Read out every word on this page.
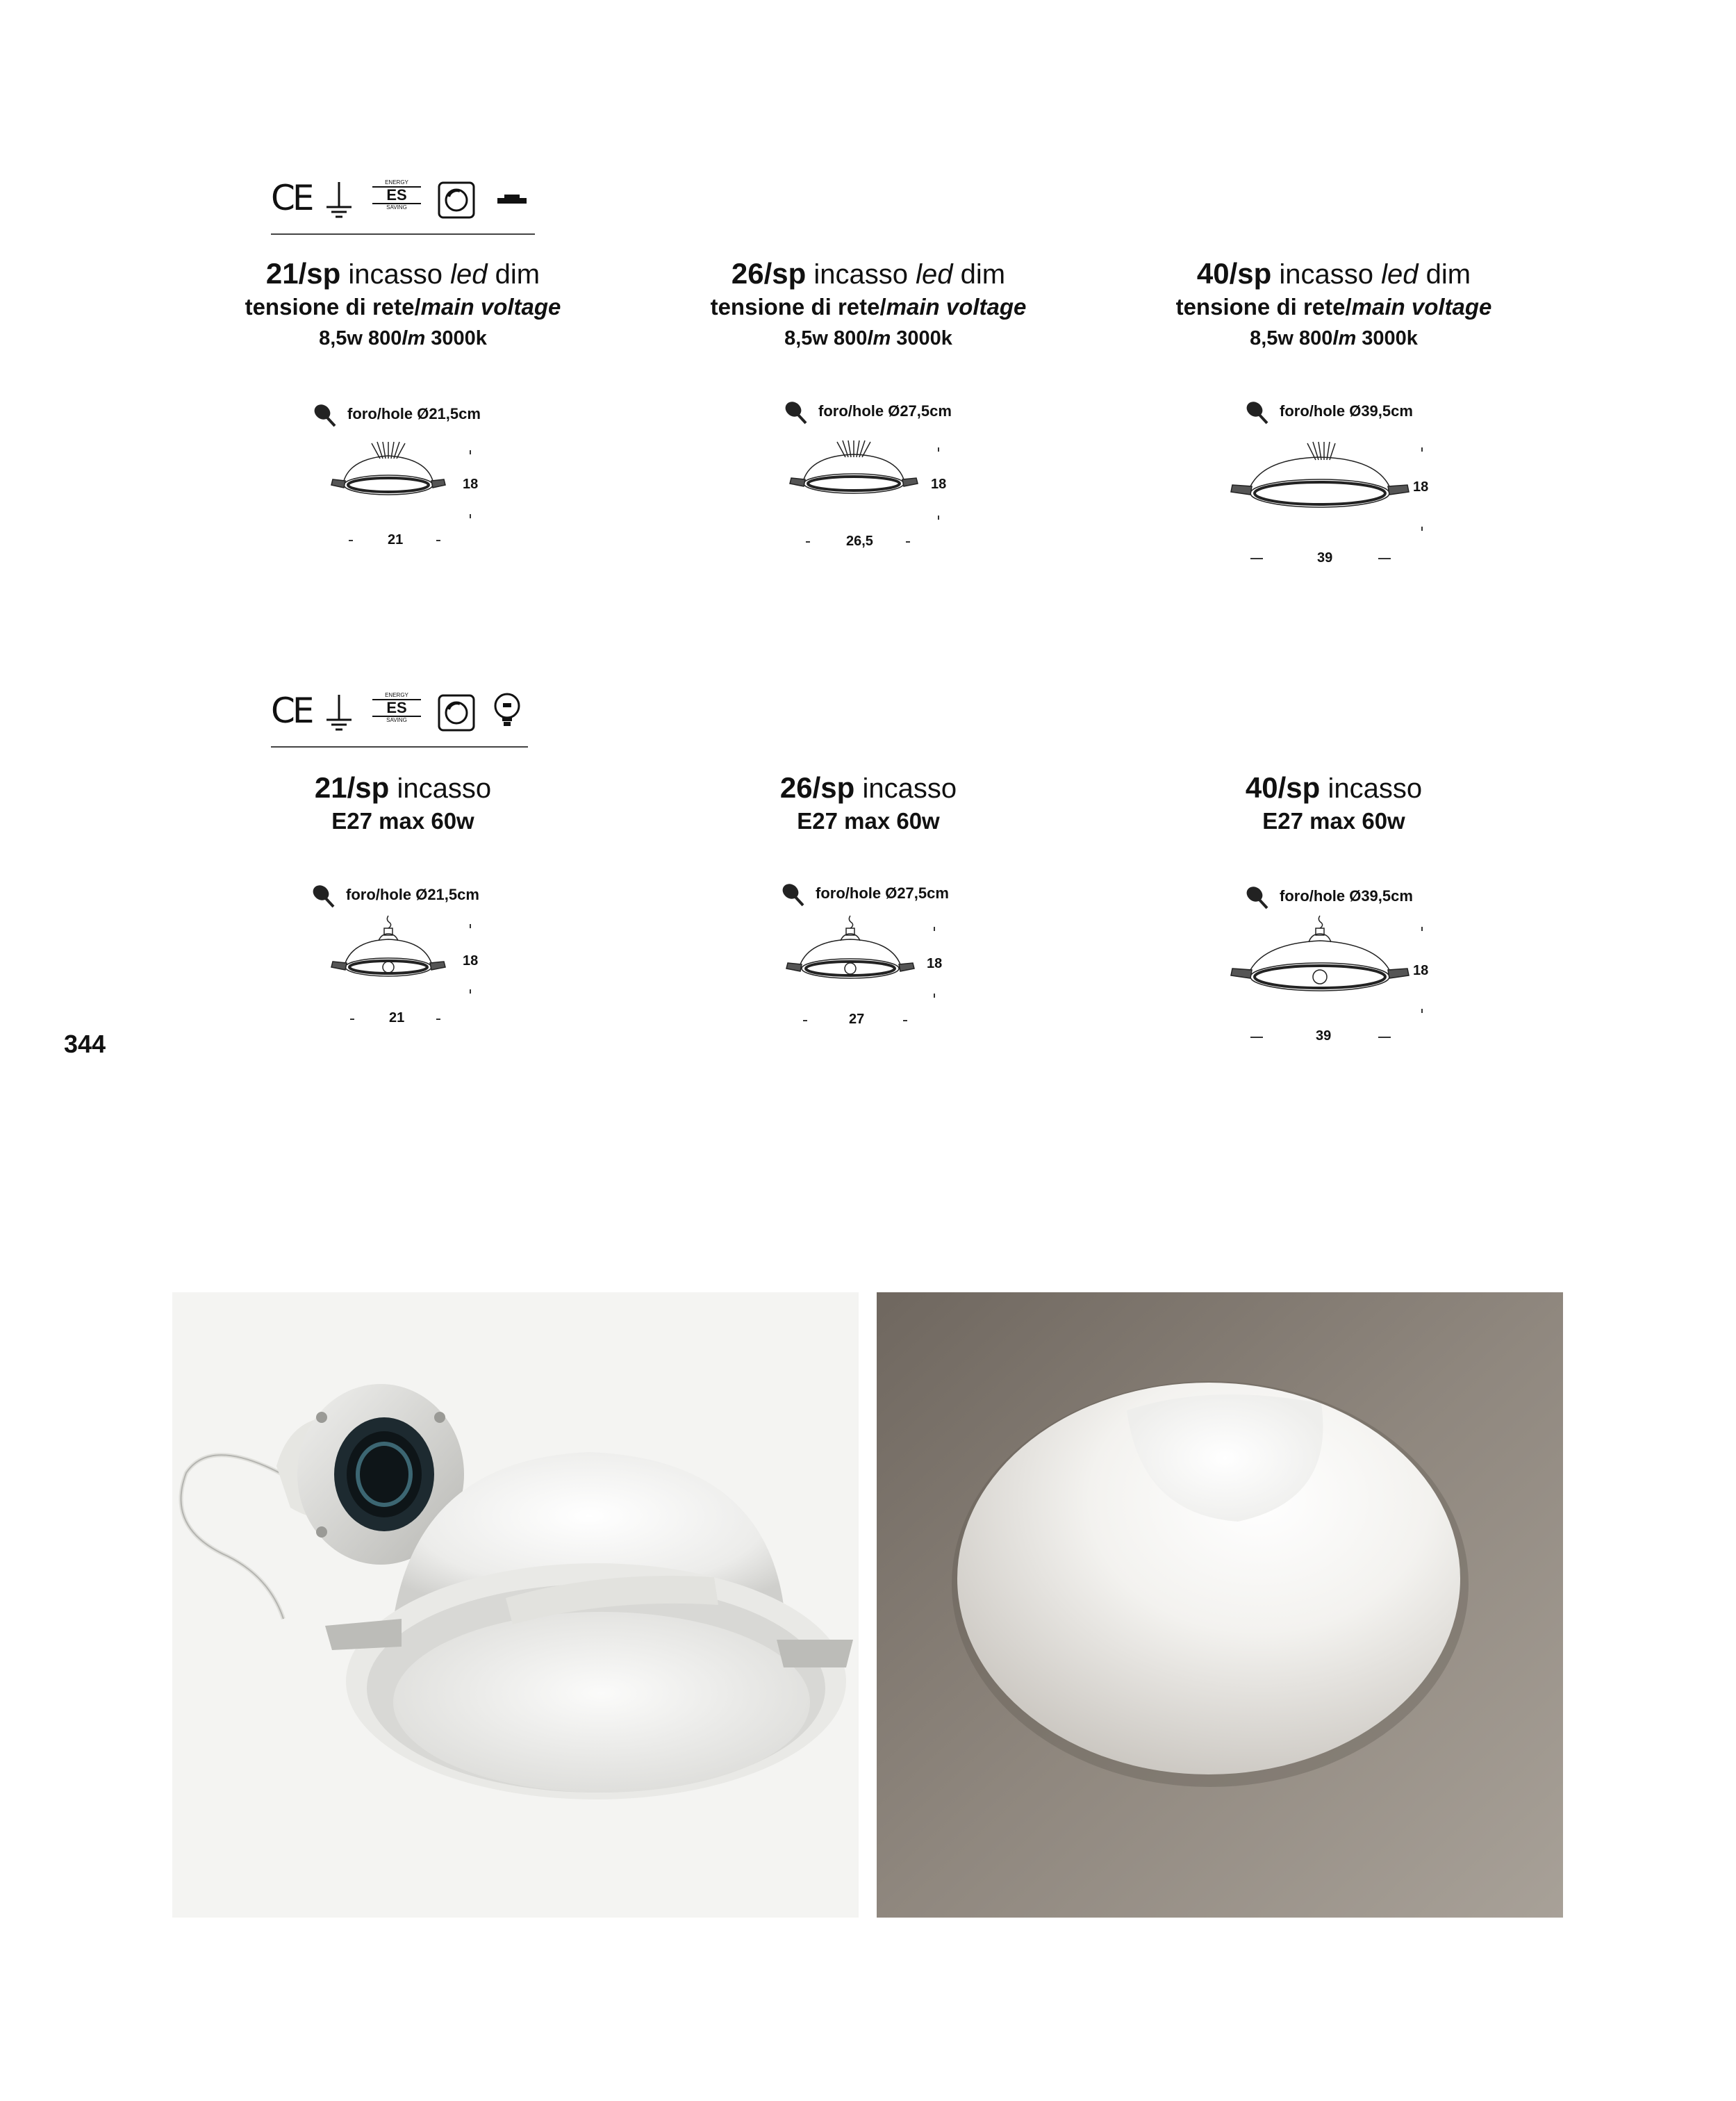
CE	ENERGY
ES
SAVING
21/sp incasso led dim
tensione di rete/main voltage
8,5w 800lm 3000k
26/sp incasso led dim
tensione di rete/main voltage
8,5w 800lm 3000k
40/sp incasso led dim
tensione di rete/main voltage
8,5w 800lm 3000k
foro/hole Ø21,5cm	foro/hole Ø27,5cm	foro/hole Ø39,5cm
18
21
18
26,5
18
39
CE	ENERGY
ES
SAVING
21/sp incasso
E27 max 60w
26/sp incasso
E27 max 60w
40/sp incasso
E27 max 60w
foro/hole Ø21,5cm	foro/hole Ø27,5cm	foro/hole Ø39,5cm
18
21
18
27
18
39
344
